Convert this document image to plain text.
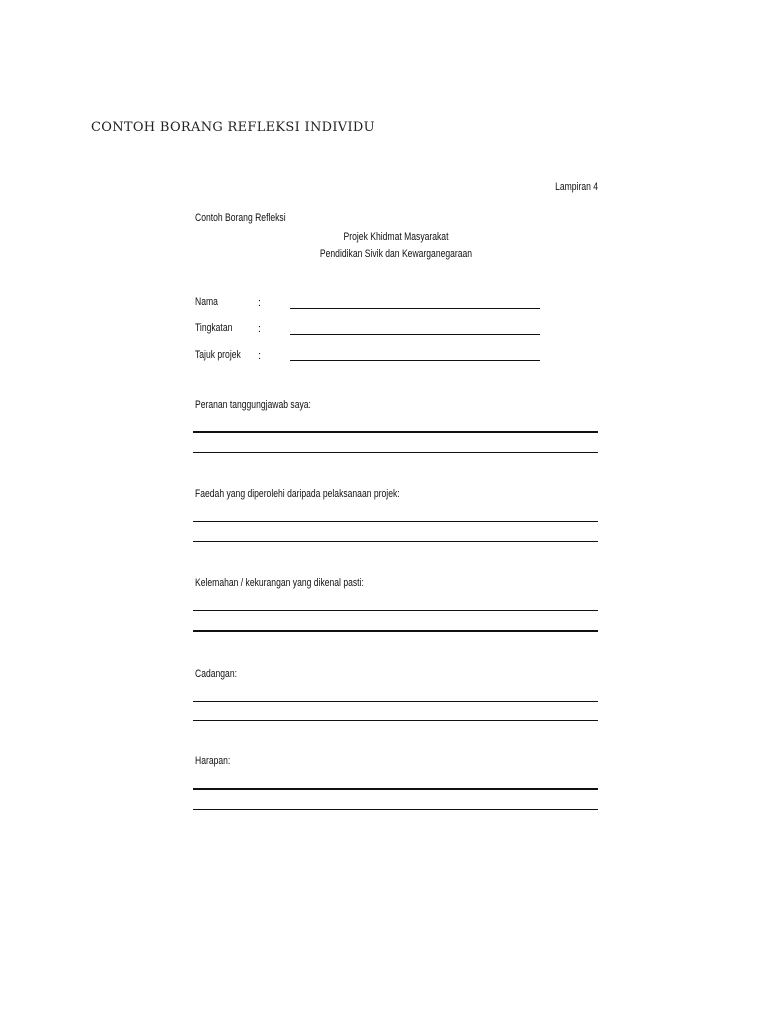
CONTOH BORANG REFLEKSI INDIVIDU
Lampiran 4
Contoh Borang Refleksi
Projek Khidmat Masyarakat
Pendidikan Sivik dan Kewarganegaraan
Nama	:
Tingkatan :
Tajuk projek :
Peranan tanggungjawab saya:
Faedah yang diperolehi daripada pelaksanaan projek:
Kelemahan / kekurangan yang dikenal pasti:
Cadangan:
Harapan:
